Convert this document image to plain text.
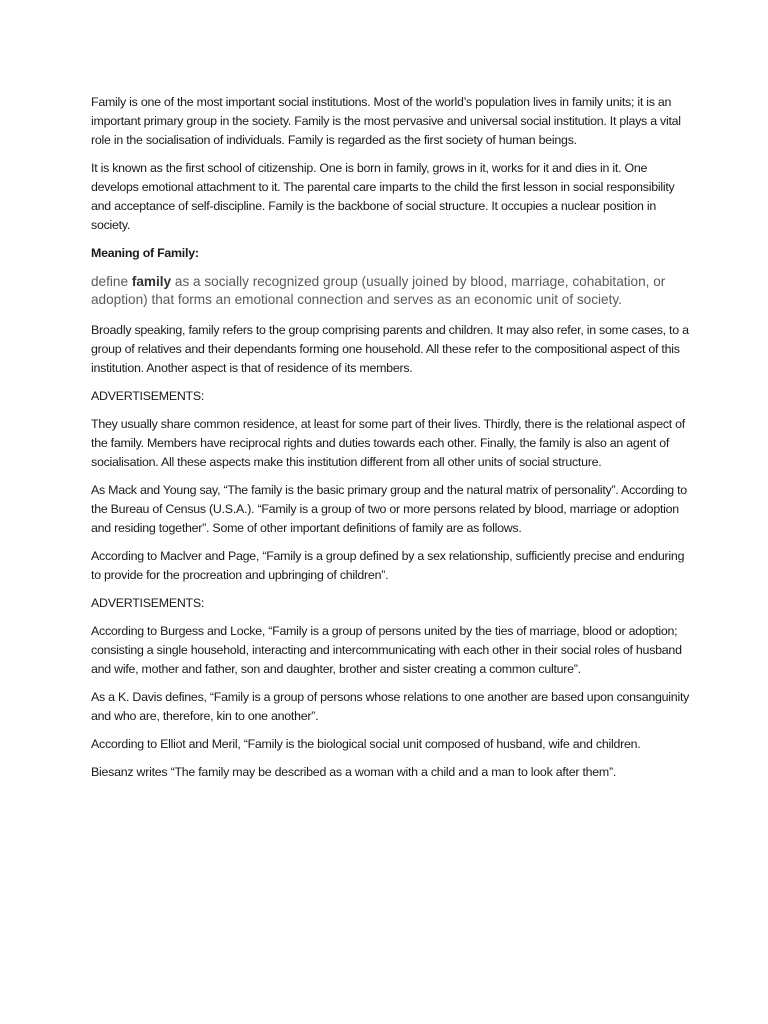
Family is one of the most important social institutions. Most of the world’s population lives in family units; it is an important primary group in the society. Family is the most pervasive and universal social institution. It plays a vital role in the socialisation of individuals. Family is regarded as the first society of human beings.

It is known as the first school of citizenship. One is born in family, grows in it, works for it and dies in it. One develops emotional attachment to it. The parental care imparts to the child the first lesson in social responsibility and acceptance of self-discipline. Family is the backbone of social structure. It occupies a nuclear position in society.

Meaning of Family:

define family as a socially recognized group (usually joined by blood, marriage, cohabitation, or adoption) that forms an emotional connection and serves as an economic unit of society.

Broadly speaking, family refers to the group comprising parents and children. It may also refer, in some cases, to a group of relatives and their dependants forming one household. All these refer to the compositional aspect of this institution. Another aspect is that of residence of its members.

ADVERTISEMENTS:

They usually share common residence, at least for some part of their lives. Thirdly, there is the relational aspect of the family. Members have reciprocal rights and duties towards each other. Finally, the family is also an agent of socialisation. All these aspects make this institution different from all other units of social structure.

As Mack and Young say, “The family is the basic primary group and the natural matrix of personality”. According to the Bureau of Census (U.S.A.). “Family is a group of two or more persons related by blood, marriage or adoption and residing together”. Some of other important definitions of family are as follows.

According to Maclver and Page, “Family is a group defined by a sex relationship, sufficiently precise and enduring to provide for the procreation and upbringing of children”.

ADVERTISEMENTS:

According to Burgess and Locke, “Family is a group of persons united by the ties of marriage, blood or adoption; consisting a single household, interacting and intercommunicating with each other in their social roles of husband and wife, mother and father, son and daughter, brother and sister creating a common culture”.

As a K. Davis defines, “Family is a group of persons whose relations to one another are based upon consanguinity and who are, therefore, kin to one another”.

According to Elliot and Meril, “Family is the biological social unit composed of husband, wife and children.

Biesanz writes “The family may be described as a woman with a child and a man to look after them”.
